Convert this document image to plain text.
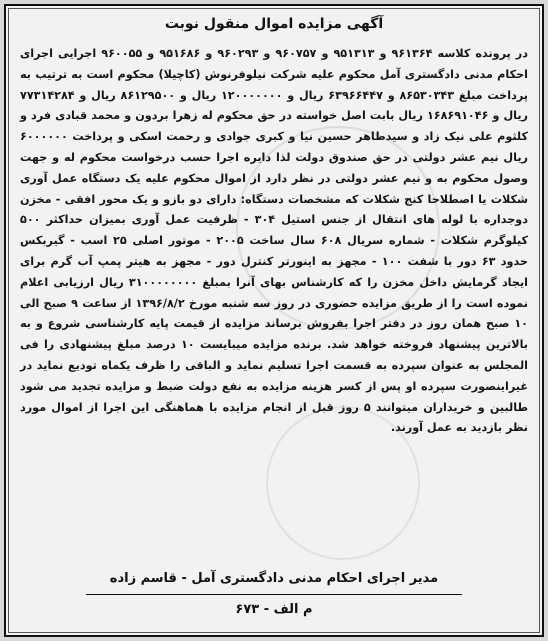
آگهی مزایده اموال منقول نوبت
در پرونده کلاسه ۹۶۱۳۶۴ و ۹۵۱۳۱۳ و ۹۶۰۷۵۷ و ۹۶۰۲۹۳ و ۹۵۱۶۸۶ و ۹۶۰۰۵۵ اجرایی اجرای احکام مدنی دادگستری آمل محکوم علیه شرکت نیلوفرنوش (کاچیلا) محکوم است به ترتیب به پرداخت مبلغ ۸۶۵۳۰۳۴۳ و ۶۳۹۶۶۴۴۷ ریال و ۱۲۰۰۰۰۰۰۰ ریال و ۸۶۱۲۹۵۰۰ ریال و ۷۷۳۱۴۲۸۴ ریال و ۱۶۸۶۹۱۰۴۶ ریال بابت اصل خواسته در حق محکوم له زهرا بردون و محمد قبادی فرد و کلثوم علی نیک زاد و سیدطاهر حسین نیا و کبری جوادی و رحمت اسکی و پرداخت ۶۰۰۰۰۰۰ ریال نیم عشر دولتی در حق صندوق دولت لذا دایره اجرا حسب درخواست محکوم له و جهت وصول محکوم به و نیم عشر دولتی در نظر دارد از اموال محکوم علیه یک دستگاه عمل آوری شکلات یا اصطلاحا کنج شکلات که مشخصات دستگاه: دارای دو بازو و یک محور افقی - مخزن دوجداره با لوله های انتقال از جنس استیل ۳۰۴ - ظرفیت عمل آوری بمیزان حداکثر ۵۰۰ کیلوگرم شکلات - شماره سریال ۶۰۸ سال ساخت ۲۰۰۵ - موتور اصلی ۲۵ اسب - گیربکس حدود ۶۳ دور با شفت ۱۰۰ - مجهز به اینورتر کنترل دور - مجهز به هیتر پمپ آب گرم برای ایجاد گرمایش داخل مخزن را که کارشناس بهای آنرا بمبلغ ۳۱۰۰۰۰۰۰۰۰ ریال ارزیابی اعلام نموده است را از طریق مزایده حضوری در روز سه شنبه مورخ ۱۳۹۶/۸/۲ از ساعت ۹ صبح الی ۱۰ صبح همان روز در دفتر اجرا بفروش برساند مزایده از قیمت پایه کارشناسی شروع و به بالاترین پیشنهاد فروخته خواهد شد. برنده مزایده میبایست ۱۰ درصد مبلغ پیشنهادی را فی المجلس به عنوان سپرده به قسمت اجرا تسلیم نماید و الباقی را ظرف یکماه تودیع نماید در غیراینصورت سپرده او پس از کسر هزینه مزایده به نفع دولت ضبط و مزایده تجدید می شود طالبین و خریداران میتوانند ۵ روز قبل از انجام مزایده با هماهنگی این اجرا از اموال مورد نظر بازدید به عمل آورند.
مدیر اجرای احکام مدنی دادگستری آمل - قاسم زاده
م الف - ۶۷۳
